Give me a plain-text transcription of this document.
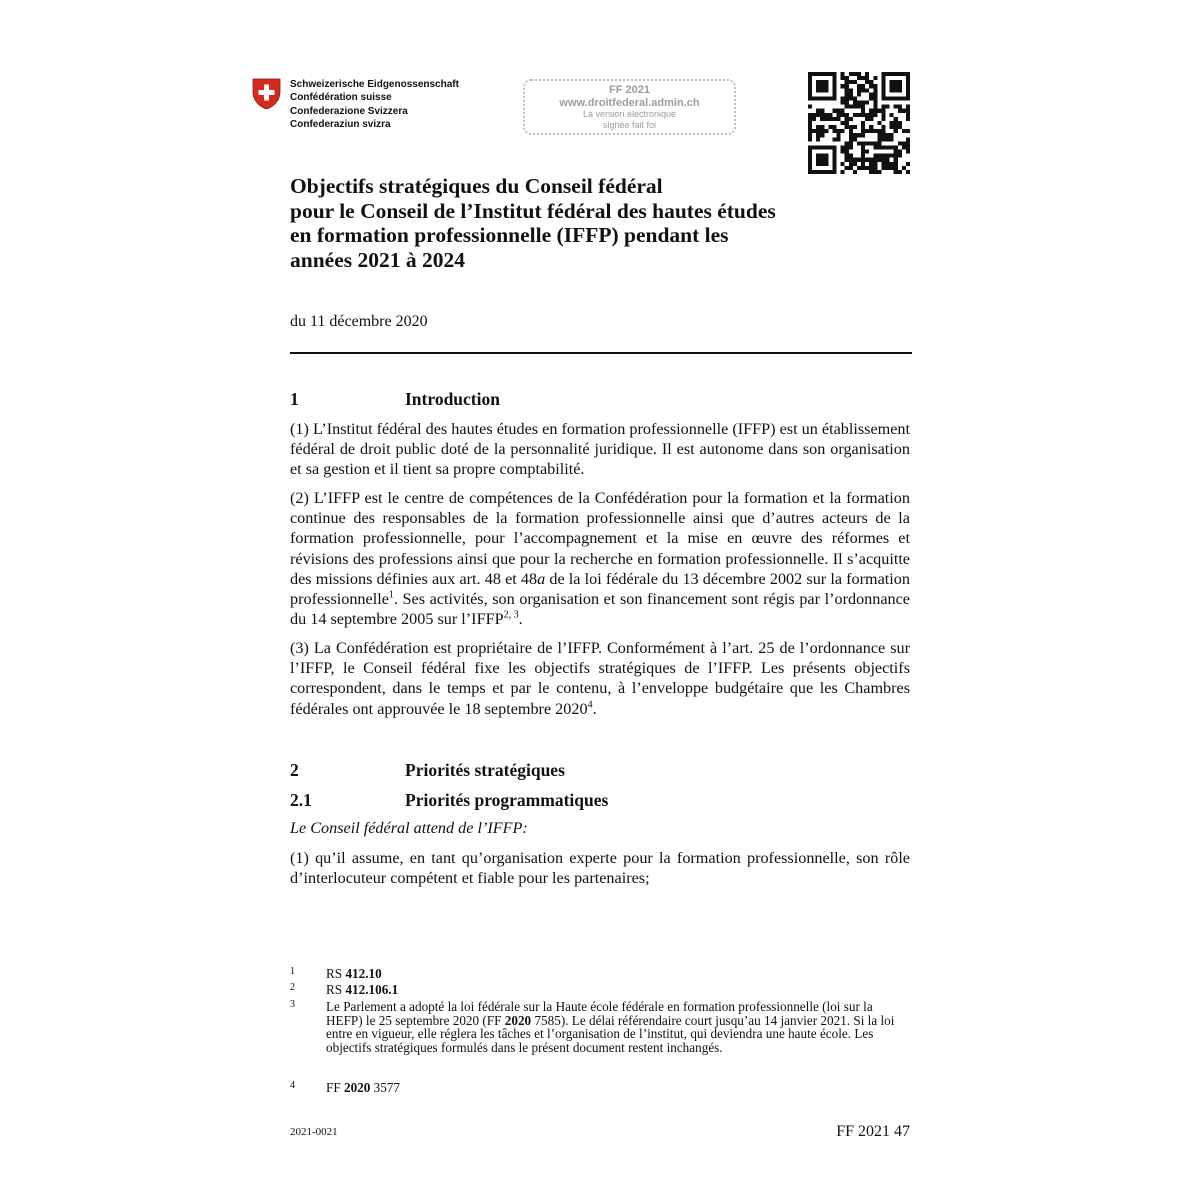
Schweizerische Eidgenossenschaft
Confédération suisse
Confederazione Svizzera
Confederaziun svizra
FF 2021
www.droitfederal.admin.ch
La version électronique
signée fait foi
Objectifs stratégiques du Conseil fédéral
pour le Conseil de l’Institut fédéral des hautes études
en formation professionnelle (IFFP) pendant les
années 2021 à 2024
du 11 décembre 2020
1	Introduction
(1) L’Institut fédéral des hautes études en formation professionnelle (IFFP) est un établissement fédéral de droit public doté de la personnalité juridique. Il est autonome dans son organisation et sa gestion et il tient sa propre comptabilité.
(2) L’IFFP est le centre de compétences de la Confédération pour la formation et la formation continue des responsables de la formation professionnelle ainsi que d’autres acteurs de la formation professionnelle, pour l’accompagnement et la mise en œuvre des réformes et révisions des professions ainsi que pour la recherche en formation professionnelle. Il s’acquitte des missions définies aux art. 48 et 48a de la loi fédérale du 13 décembre 2002 sur la formation professionnelle$^1$. Ses activités, son organisation et son financement sont régis par l’ordonnance du 14 septembre 2005 sur l’IFFP$^{2, 3}$.
(3) La Confédération est propriétaire de l’IFFP. Conformément à l’art. 25 de l’ordonnance sur l’IFFP, le Conseil fédéral fixe les objectifs stratégiques de l’IFFP. Les présents objectifs correspondent, dans le temps et par le contenu, à l’enveloppe budgétaire que les Chambres fédérales ont approuvée le 18 septembre 2020$^4$.
2	Priorités stratégiques
2.1	Priorités programmatiques
Le Conseil fédéral attend de l’IFFP:
(1) qu’il assume, en tant qu’organisation experte pour la formation professionnelle, son rôle d’interlocuteur compétent et fiable pour les partenaires;
1 RS 412.10
2 RS 412.106.1
3 Le Parlement a adopté la loi fédérale sur la Haute école fédérale en formation professionnelle (loi sur la HEFP) le 25 septembre 2020 (FF 2020 7585). Le délai référendaire court jusqu’au 14 janvier 2021. Si la loi entre en vigueur, elle réglera les tâches et l’organisation de l’institut, qui deviendra une haute école. Les objectifs stratégiques formulés dans le présent document restent inchangés.
4 FF 2020 3577
2021-0021	FF 2021 47
